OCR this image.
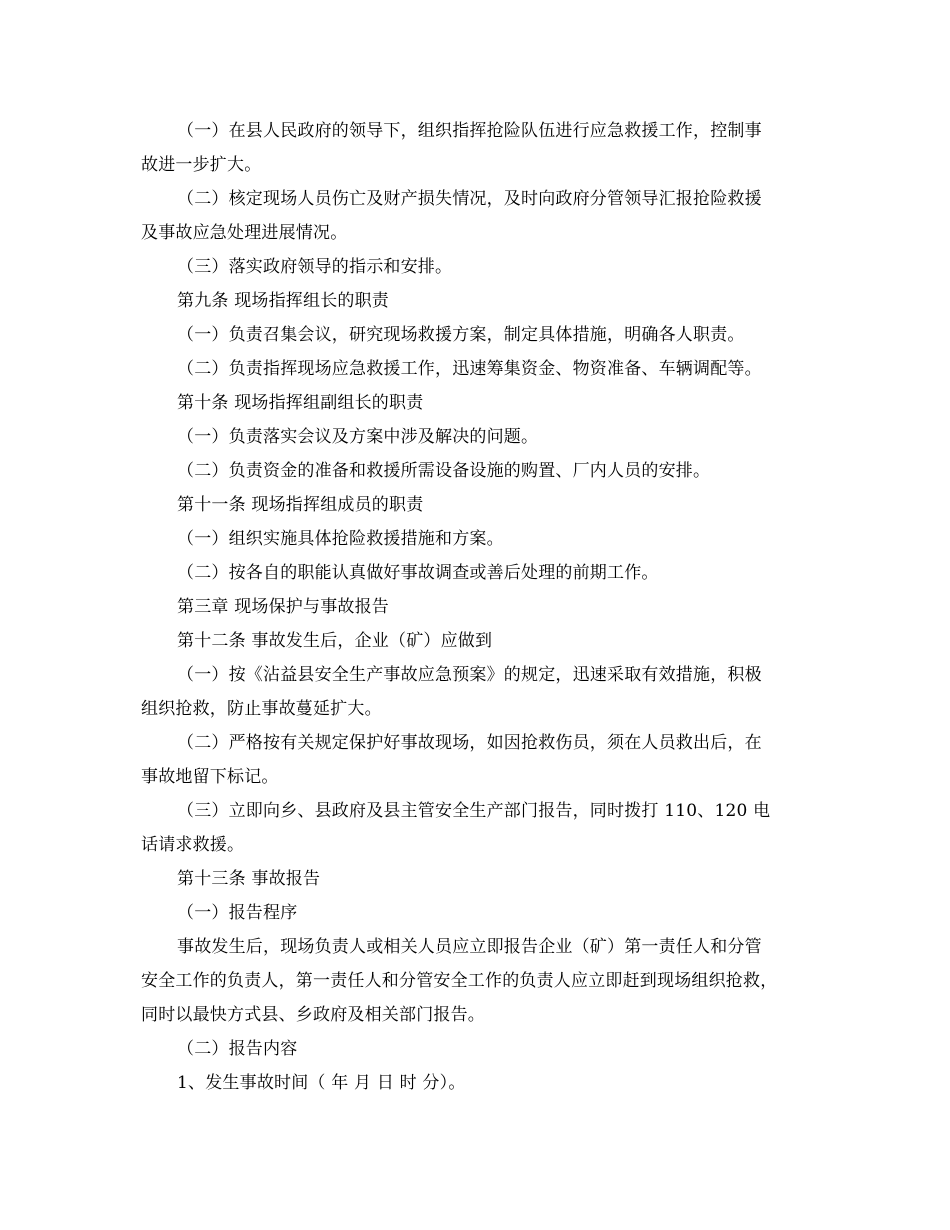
（一）在县人民政府的领导下，组织指挥抢险队伍进行应急救援工作，控制事
故进一步扩大。
（二）核定现场人员伤亡及财产损失情况，及时向政府分管领导汇报抢险救援
及事故应急处理进展情况。
（三）落实政府领导的指示和安排。
第九条 现场指挥组长的职责
（一）负责召集会议，研究现场救援方案，制定具体措施，明确各人职责。
（二）负责指挥现场应急救援工作，迅速筹集资金、物资准备、车辆调配等。
第十条 现场指挥组副组长的职责
（一）负责落实会议及方案中涉及解决的问题。
（二）负责资金的准备和救援所需设备设施的购置、厂内人员的安排。
第十一条 现场指挥组成员的职责
（一）组织实施具体抢险救援措施和方案。
（二）按各自的职能认真做好事故调查或善后处理的前期工作。
第三章 现场保护与事故报告
第十二条 事故发生后，企业（矿）应做到
（一）按《沾益县安全生产事故应急预案》的规定，迅速采取有效措施，积极
组织抢救，防止事故蔓延扩大。
（二）严格按有关规定保护好事故现场，如因抢救伤员，须在人员救出后，在
事故地留下标记。
（三）立即向乡、县政府及县主管安全生产部门报告，同时拨打 110、120 电
话请求救援。
第十三条 事故报告
（一）报告程序
事故发生后，现场负责人或相关人员应立即报告企业（矿）第一责任人和分管
安全工作的负责人，第一责任人和分管安全工作的负责人应立即赶到现场组织抢救，
同时以最快方式县、乡政府及相关部门报告。
（二）报告内容
1、发生事故时间（ 年 月 日 时 分）。
